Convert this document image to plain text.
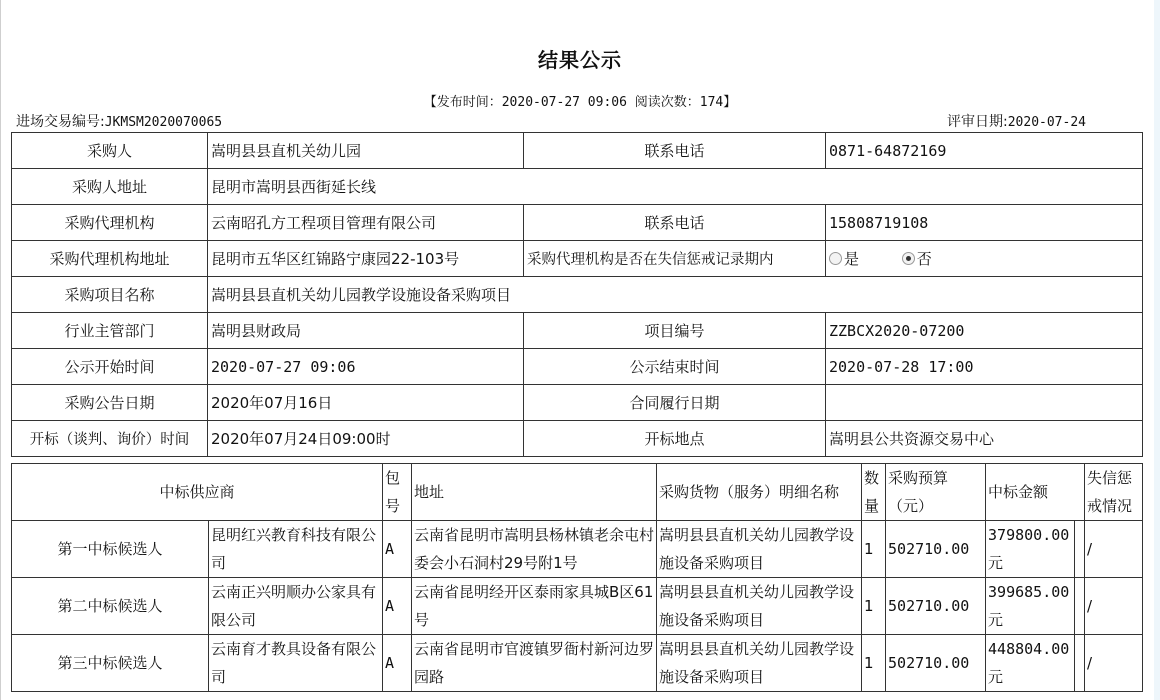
结果公示
【发布时间：2020-07-27 09:06 阅读次数：174】
进场交易编号:JKMSM2020070065	评审日期:2020-07-24
采购人	嵩明县县直机关幼儿园	联系电话	0871-64872169
采购人地址	昆明市嵩明县西街延长线		
采购代理机构	云南昭孔方工程项目管理有限公司	联系电话	15808719108
采购代理机构地址	昆明市五华区红锦路宁康园22-103号	采购代理机构是否在失信惩戒记录期内	是 否
采购项目名称	嵩明县县直机关幼儿园教学设施设备采购项目		
行业主管部门	嵩明县财政局	项目编号	ZZBCX2020-07200
公示开始时间	2020-07-27 09:06	公示结束时间	2020-07-28 17:00
采购公告日期	2020年07月16日	合同履行日期	
开标（谈判、询价）时间	2020年07月24日09:00时	开标地点	嵩明县公共资源交易中心
中标供应商		包号	地址	采购货物（服务）明细名称	数量	采购预算（元）	中标金额		失信惩戒情况
第一中标候选人	昆明红兴教育科技有限公司	A	云南省昆明市嵩明县杨林镇老余屯村委会小石洞村29号附1号	嵩明县县直机关幼儿园教学设施设备采购项目	1	502710.00	379800.00元		/
第二中标候选人	云南正兴明顺办公家具有限公司	A	云南省昆明经开区泰雨家具城B区61号	嵩明县县直机关幼儿园教学设施设备采购项目	1	502710.00	399685.00元		/
第三中标候选人	云南育才教具设备有限公司	A	云南省昆明市官渡镇罗衙村新河边罗园路	嵩明县县直机关幼儿园教学设施设备采购项目	1	502710.00	448804.00元		/
